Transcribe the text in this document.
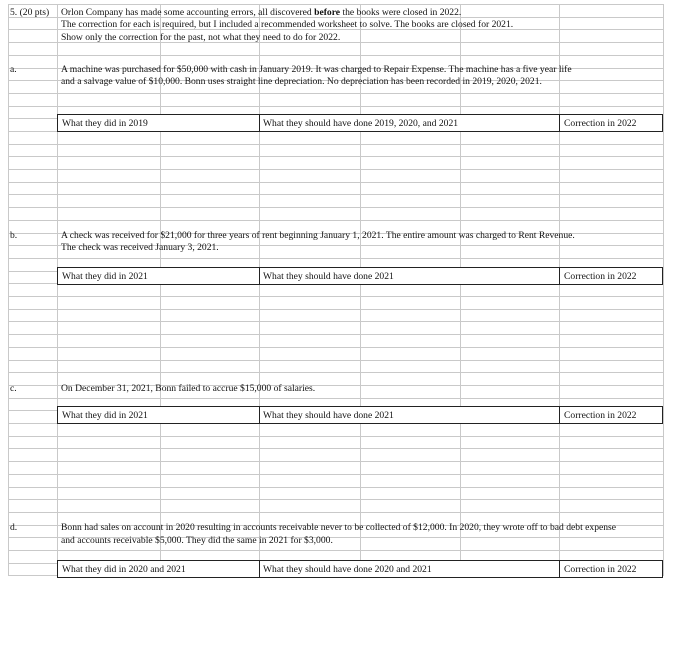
5. (20 pts) Orlon Company has made some accounting errors, all discovered before the books were closed in 2022.
The correction for each is required, but I included a recommended worksheet to solve. The books are closed for 2021.
Show only the correction for the past, not what they need to do for 2022.
a.	A machine was purchased for $50,000 with cash in January 2019. It was charged to Repair Expense. The machine has a five year life
and a salvage value of $10,000. Bonn uses straight line depreciation. No depreciation has been recorded in 2019, 2020, 2021.
What they did in 2019	What they should have done 2019, 2020, and 2021	Correction in 2022
b.	A check was received for $21,000 for three years of rent beginning January 1, 2021. The entire amount was charged to Rent Revenue.
The check was received January 3, 2021.
What they did in 2021	What they should have done 2021	Correction in 2022
c.	On December 31, 2021, Bonn failed to accrue $15,000 of salaries.
What they did in 2021	What they should have done 2021	Correction in 2022
d.	Bonn had sales on account in 2020 resulting in accounts receivable never to be collected of $12,000. In 2020, they wrote off to bad debt expense
and accounts receivable $5,000. They did the same in 2021 for $3,000.
What they did in 2020 and 2021	What they should have done 2020 and 2021	Correction in 2022
